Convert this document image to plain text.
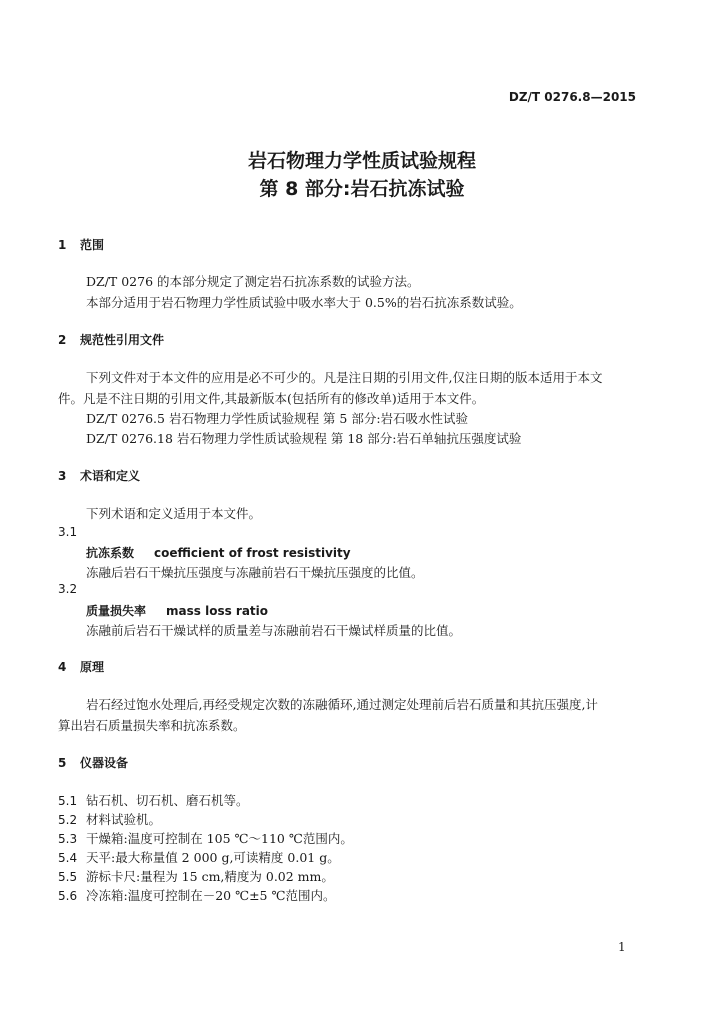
DZ/T 0276.8—2015
岩石物理力学性质试验规程
第 8 部分:岩石抗冻试验
1 范围
DZ/T 0276 的本部分规定了测定岩石抗冻系数的试验方法。
本部分适用于岩石物理力学性质试验中吸水率大于 0.5%的岩石抗冻系数试验。
2 规范性引用文件
下列文件对于本文件的应用是必不可少的。凡是注日期的引用文件,仅注日期的版本适用于本文
件。凡是不注日期的引用文件,其最新版本(包括所有的修改单)适用于本文件。
DZ/T 0276.5 岩石物理力学性质试验规程 第 5 部分:岩石吸水性试验
DZ/T 0276.18 岩石物理力学性质试验规程 第 18 部分:岩石单轴抗压强度试验
3 术语和定义
下列术语和定义适用于本文件。
3.1
抗冻系数 coefficient of frost resistivity
冻融后岩石干燥抗压强度与冻融前岩石干燥抗压强度的比值。
3.2
质量损失率 mass loss ratio
冻融前后岩石干燥试样的质量差与冻融前岩石干燥试样质量的比值。
4 原理
岩石经过饱水处理后,再经受规定次数的冻融循环,通过测定处理前后岩石质量和其抗压强度,计
算出岩石质量损失率和抗冻系数。
5 仪器设备
5.1 钻石机、切石机、磨石机等。
5.2 材料试验机。
5.3 干燥箱:温度可控制在 105 ℃～110 ℃范围内。
5.4 天平:最大称量值 2 000 g,可读精度 0.01 g。
5.5 游标卡尺:量程为 15 cm,精度为 0.02 mm。
5.6 冷冻箱:温度可控制在－20 ℃±5 ℃范围内。
1
